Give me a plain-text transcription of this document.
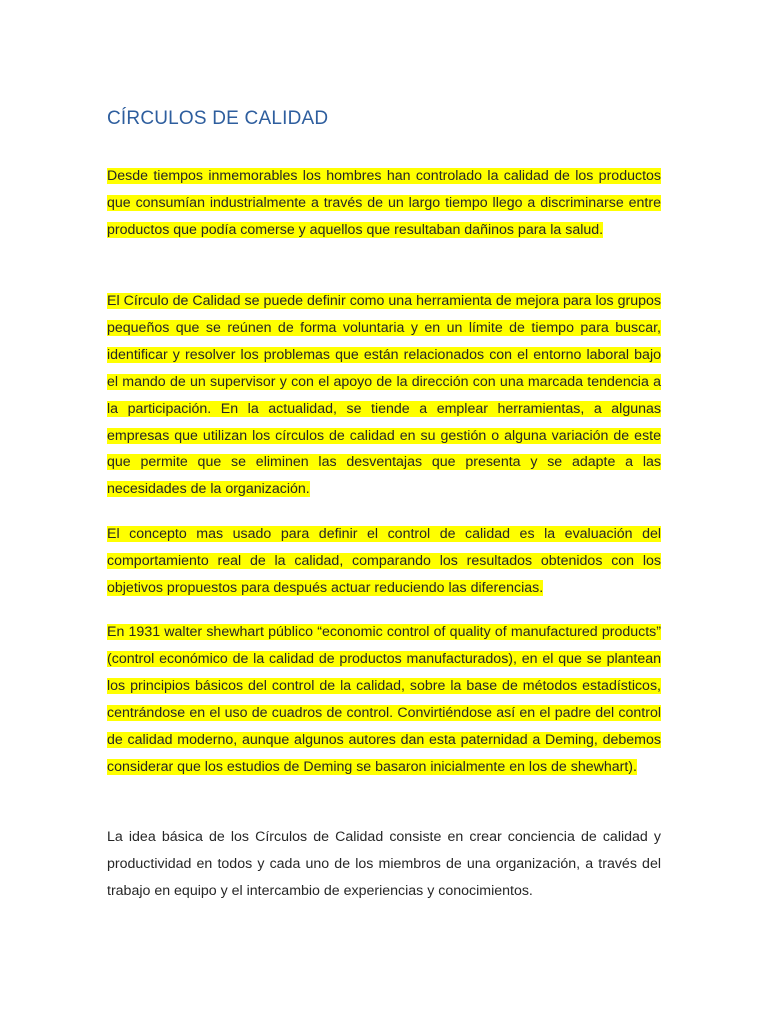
CÍRCULOS DE CALIDAD

Desde tiempos inmemorables los hombres han controlado la calidad de los productos que consumían industrialmente a través de un largo tiempo llego a discriminarse entre productos que podía comerse y aquellos que resultaban dañinos para la salud.

El Círculo de Calidad se puede definir como una herramienta de mejora para los grupos pequeños que se reúnen de forma voluntaria y en un límite de tiempo para buscar, identificar y resolver los problemas que están relacionados con el entorno laboral bajo el mando de un supervisor y con el apoyo de la dirección con una marcada tendencia a la participación. En la actualidad, se tiende a emplear herramientas, a algunas empresas que utilizan los círculos de calidad en su gestión o alguna variación de este que permite que se eliminen las desventajas que presenta y se adapte a las necesidades de la organización.

El concepto mas usado para definir el control de calidad es la evaluación del comportamiento real de la calidad, comparando los resultados obtenidos con los objetivos propuestos para después actuar reduciendo las diferencias.

En 1931 walter shewhart público “economic control of quality of manufactured products” (control económico de la calidad de productos manufacturados), en el que se plantean los principios básicos del control de la calidad, sobre la base de métodos estadísticos, centrándose en el uso de cuadros de control. Convirtiéndose así en el padre del control de calidad moderno, aunque algunos autores dan esta paternidad a Deming, debemos considerar que los estudios de Deming se basaron inicialmente en los de shewhart).

La idea básica de los Círculos de Calidad consiste en crear conciencia de calidad y productividad en todos y cada uno de los miembros de una organización, a través del trabajo en equipo y el intercambio de experiencias y conocimientos.
